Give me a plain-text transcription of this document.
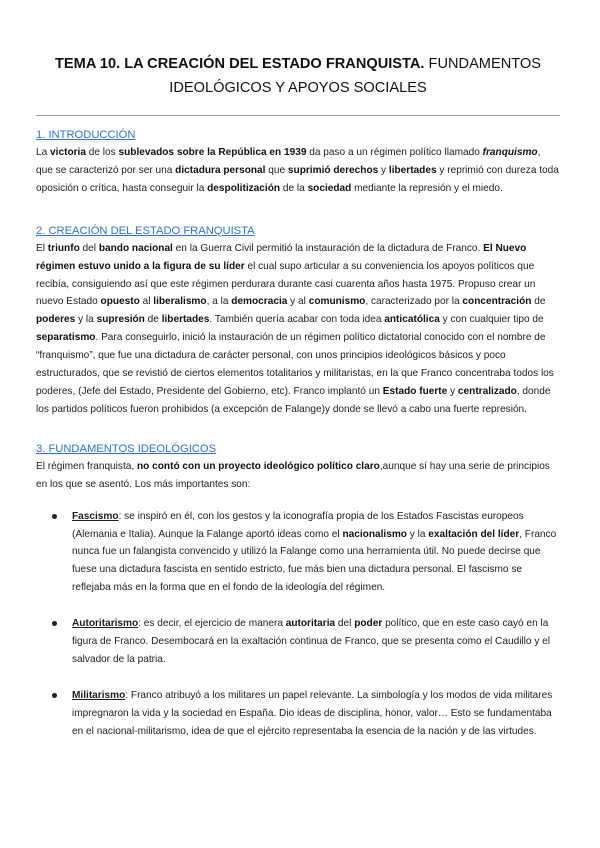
TEMA 10. LA CREACIÓN DEL ESTADO FRANQUISTA. FUNDAMENTOS
IDEOLÓGICOS Y APOYOS SOCIALES
1. INTRODUCCIÓN

La victoria de los sublevados sobre la República en 1939 da paso a un régimen político llamado franquismo, que se caracterizó por ser una dictadura personal que suprimió derechos y libertades y reprimió con dureza toda oposición o crítica, hasta conseguir la despolitización de la sociedad mediante la represión y el miedo.

2. CREACIÓN DEL ESTADO FRANQUISTA

El triunfo del bando nacional en la Guerra Civil permitió la instauración de la dictadura de Franco. El Nuevo régimen estuvo unido a la figura de su líder el cual supo articular a su conveniencia los apoyos políticos que recibía, consiguiendo así que este régimen perdurara durante casi cuarenta años hasta 1975. Propuso crear un nuevo Estado opuesto al liberalismo, a la democracia y al comunismo, caracterizado por la concentración de poderes y la supresión de libertades. También quería acabar con toda idea anticatólica y con cualquier tipo de separatismo. Para conseguirlo, inició la instauración de un régimen político dictatorial conocido con el nombre de “franquismo”, que fue una dictadura de carácter personal, con unos principios ideológicos básicos y poco estructurados, que se revistió de ciertos elementos totalitarios y militaristas, en la que Franco concentraba todos los poderes, (Jefe del Estado, Presidente del Gobierno, etc). Franco implantó un Estado fuerte y centralizado, donde los partidos políticos fueron prohibidos (a excepción de Falange)y donde se llevó a cabo una fuerte represión.

3. FUNDAMENTOS IDEOLÓGICOS

El régimen franquista, no contó con un proyecto ideológico político claro,aunque sí hay una serie de principios en los que se asentó. Los más importantes son:

Fascismo: se inspiró en él, con los gestos y la iconografía propia de los Estados Fascistas europeos (Alemania e Italia). Aunque la Falange aportó ideas como el nacionalismo y la exaltación del líder, Franco nunca fue un falangista convencido y utilizó la Falange como una herramienta útil. No puede decirse que fuese una dictadura fascista en sentido estricto, fue más bien una dictadura personal. El fascismo se reflejaba más en la forma que en el fondo de la ideología del régimen.
Autoritarismo: es decir, el ejercicio de manera autoritaria del poder político, que en este caso cayó en la figura de Franco. Desembocará en la exaltación continua de Franco, que se presenta como el Caudillo y el salvador de la patria.
Militarismo: Franco atribuyó a los militares un papel relevante. La simbología y los modos de vida militares impregnaron la vida y la sociedad en España. Dio ideas de disciplina, honor, valor… Esto se fundamentaba en el nacional-militarismo, idea de que el ejército representaba la esencia de la nación y de las virtudes.
